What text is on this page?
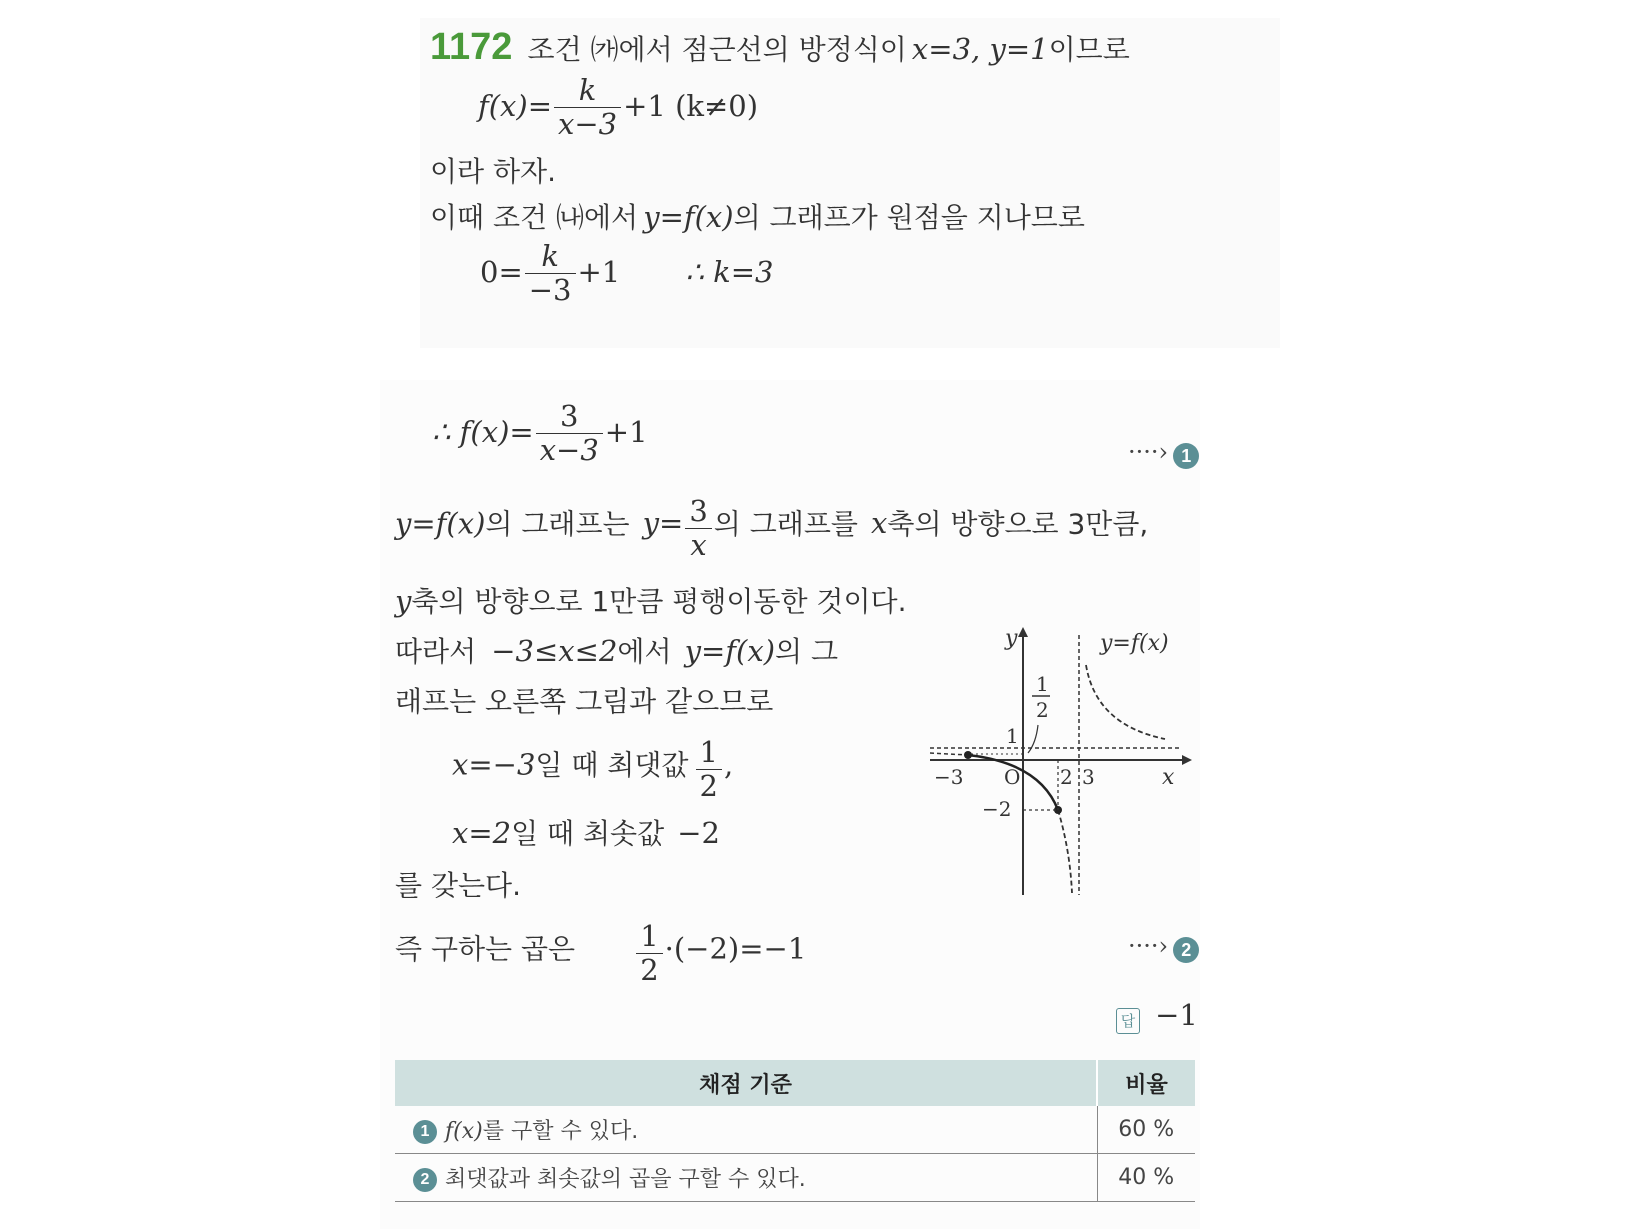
1172 조건 ㈎에서 점근선의 방정식이 x=3, y=1이므로
$f(x)= \frac{k}{x-3} +1$ (k≠0)
이라 하자.
이때 조건 ㈏에서 y=f(x)의 그래프가 원점을 지나므로
$0= \frac{k}{-3} +1$ ∴ k=3
∴ $f(x)= \frac{3}{x-3} +1$
····› 1
y=f(x)의 그래프는 $y= \frac{3}{x}$ 의 그래프를 x축의 방향으로 3만큼,
y축의 방향으로 1만큼 평행이동한 것이다.
따라서 −3≤x≤2에서 y=f(x)의 그
래프는 오른쪽 그림과 같으므로
x=−3일 때 최댓값 $\frac{1}{2}$ ,
x=2일 때 최솟값 −2
를 갖는다.
즉 구하는 곱은 $\frac{1}{2} \cdot(-2)=-1$	····› 2
답 −1
y	y=f(x)
1
2
1
−3 O 2 3	x
−2
채점 기준	비율
1 f(x)를 구할 수 있다.	60 %
2 최댓값과 최솟값의 곱을 구할 수 있다.	40 %
